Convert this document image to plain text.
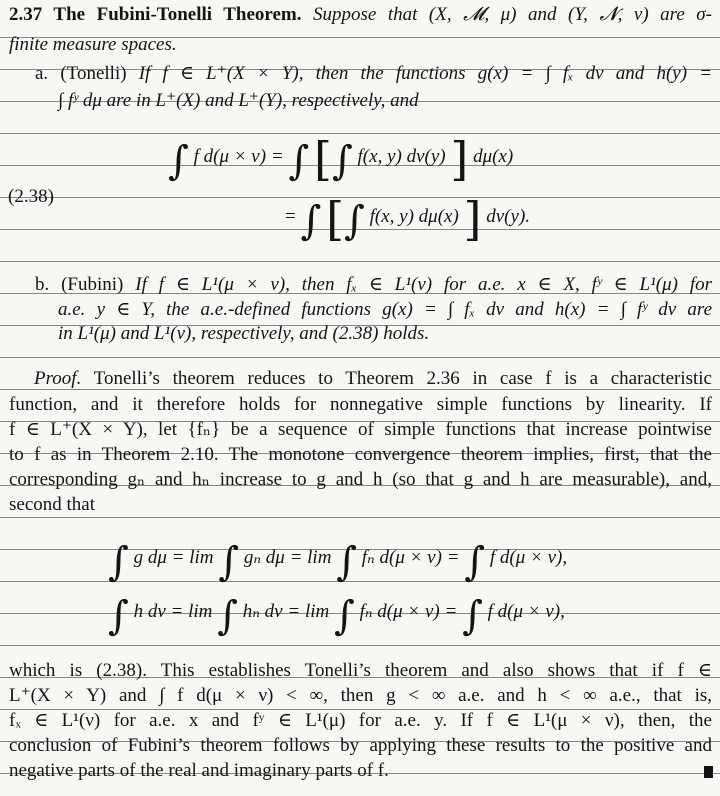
2.37 The Fubini-Tonelli Theorem. Suppose that (X, 𝓜, μ) and (Y, 𝓝, ν) are σ-
finite measure spaces.
a. (Tonelli) If f ∈ L⁺(X × Y), then the functions g(x) = ∫ fₓ dν and h(y) =
∫ fʸ dμ are in L⁺(X) and L⁺(Y), respectively, and
(2.38)
∫ f d(μ × ν) = ∫ [∫ f(x, y) dν(y) ] dμ(x)
= ∫ [∫ f(x, y) dμ(x) ] dν(y).
b. (Fubini) If f ∈ L¹(μ × ν), then fₓ ∈ L¹(ν) for a.e. x ∈ X, fʸ ∈ L¹(μ) for
a.e. y ∈ Y, the a.e.-defined functions g(x) = ∫ fₓ dν and h(x) = ∫ fʸ dν are
in L¹(μ) and L¹(ν), respectively, and (2.38) holds.
Proof. Tonelli’s theorem reduces to Theorem 2.36 in case f is a characteristic
function, and it therefore holds for nonnegative simple functions by linearity. If
f ∈ L⁺(X × Y), let {fₙ} be a sequence of simple functions that increase pointwise
to f as in Theorem 2.10. The monotone convergence theorem implies, first, that the
corresponding gₙ and hₙ increase to g and h (so that g and h are measurable), and,
second that
∫ g dμ = lim ∫ gₙ dμ = lim ∫ fₙ d(μ × ν) = ∫ f d(μ × ν),
∫ h dν = lim ∫ hₙ dν = lim ∫ fₙ d(μ × ν) = ∫ f d(μ × ν),
which is (2.38). This establishes Tonelli’s theorem and also shows that if f ∈
L⁺(X × Y) and ∫ f d(μ × ν) < ∞, then g < ∞ a.e. and h < ∞ a.e., that is,
fₓ ∈ L¹(ν) for a.e. x and fʸ ∈ L¹(μ) for a.e. y. If f ∈ L¹(μ × ν), then, the
conclusion of Fubini’s theorem follows by applying these results to the positive and
negative parts of the real and imaginary parts of f.
